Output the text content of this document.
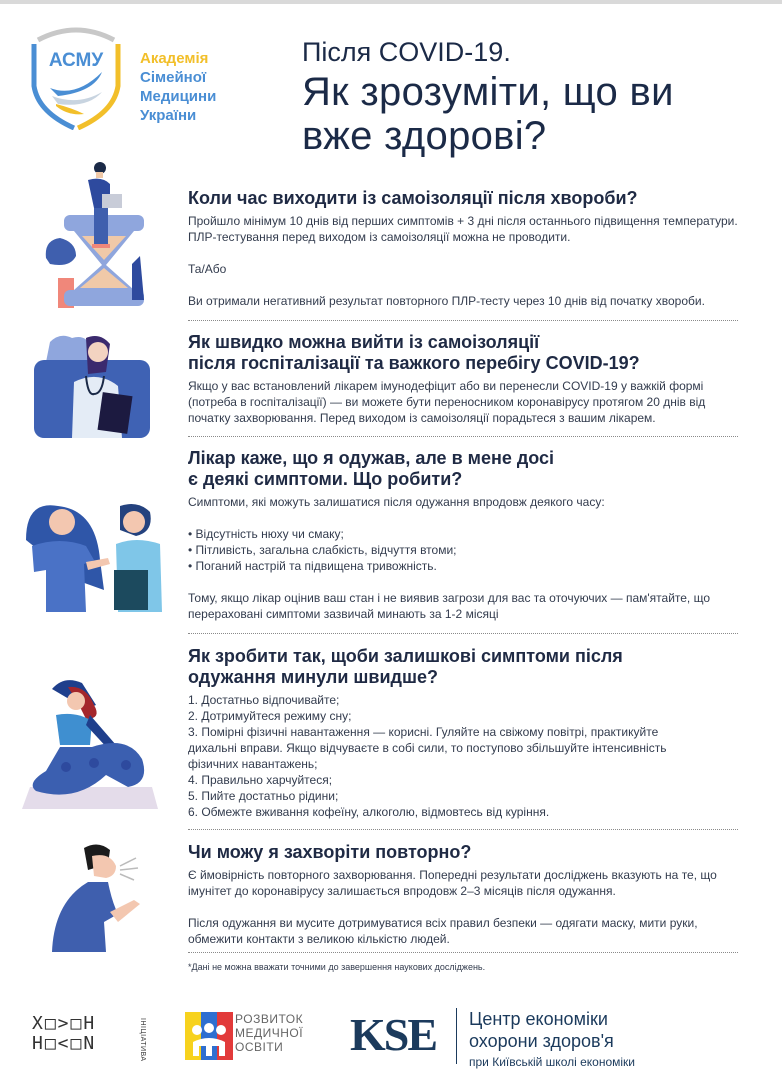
АСМУ Академія
Сімейної
Медицини
України
Після COVID-19.
Як зрозуміти, що ви
вже здорові?
Коли час виходити із самоізоляції після хвороби?

Пройшло мінімум 10 днів від перших симптомів + 3 дні після останнього підвищення температури. ПЛР-тестування перед виходом із самоізоляції можна не проводити.

Та/Або

Ви отримали негативний результат повторного ПЛР-тесту через 10 днів від початку хвороби.

Як швидко можна вийти із самоізоляції
після госпіталізації та важкого перебігу COVID-19?

Якщо у вас встановлений лікарем імунодефіцит або ви перенесли COVID-19 у важкій формі (потреба в госпіталізації) — ви можете бути переносником коронавірусу протягом 20 днів від початку захворювання. Перед виходом із самоізоляції порадьтеся з вашим лікарем.

Лікар каже, що я одужав, але в мене досі
є деякі симптоми. Що робити?

Симптоми, які можуть залишатися після одужання впродовж деякого часу:

• Відсутність нюху чи смаку;

• Пітливість, загальна слабкість, відчуття втоми;

• Поганий настрій та підвищена тривожність.

Тому, якщо лікар оцінив ваш стан і не виявив загрози для вас та оточуючих — пам'ятайте, що перераховані симптоми зазвичай минають за 1-2 місяці

Як зробити так, щоби залишкові симптоми після
одужання минули швидше?

1. Достатньо відпочивайте;

2. Дотримуйтеся режиму сну;

3. Помірні фізичні навантаження — корисні. Гуляйте на свіжому повітрі, практикуйте дихальні вправи. Якщо відчуваєте в собі сили, то поступово збільшуйте інтенсивність фізичних навантажень;

4. Правильно харчуйтеся;

5. Пийте достатньо рідини;

6. Обмежте вживання кофеїну, алкоголю, відмовтесь від куріння.

Чи можу я захворіти повторно?

Є ймовірність повторного захворювання. Попередні результати досліджень вказують на те, що імунітет до коронавірусу залишається впродовж 2–3 місяців після одужання.

Після одужання ви мусите дотримуватися всіх правил безпеки — одягати маску, мити руки, обмежити контакти з великою кількістю людей.

*Дані не можна вважати точними до завершення наукових досліджень.
Х□>□Н
Н□<□N	ІНІЦІАТИВА	РОЗВИТОК
МЕДИЧНОЇ
ОСВІТИ	KSE Центр економіки
охорони здоров'я
при Київській школі економіки
